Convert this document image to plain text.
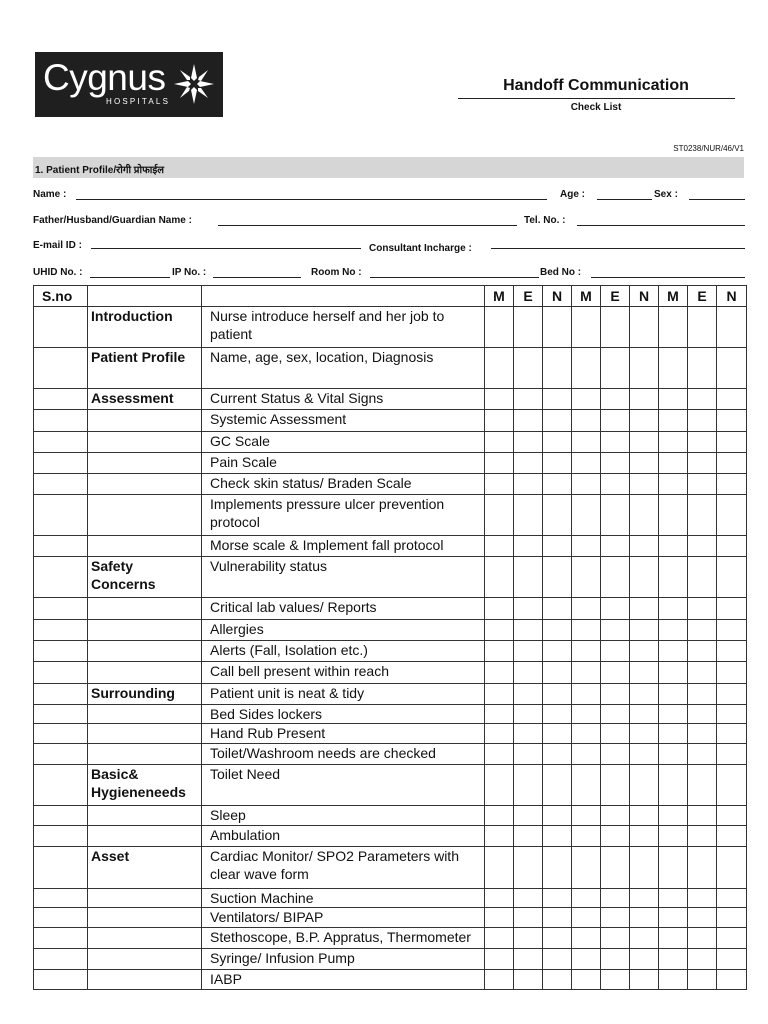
Cygnus
HOSPITALS
Handoff Communication
Check List
ST0238/NUR/46/V1
1. Patient Profile/रोगी प्रोफाईल
Name :	Age :	Sex :
Father/Husband/Guardian Name :	Tel. No. :
E-mail ID :	Consultant Incharge :
UHID No. :	IP No. :	Room No :	Bed No :
S.no			M	E	N	M	E	N	M	E	N
	Introduction	Nurse introduce herself and her job to patient									
	Patient Profile	Name, age, sex, location, Diagnosis									
	Assessment	Current Status & Vital Signs									
		Systemic Assessment									
		GC Scale									
		Pain Scale									
		Check skin status/ Braden Scale									
		Implements pressure ulcer prevention protocol									
		Morse scale & Implement fall protocol									
	Safety Concerns	Vulnerability status									
		Critical lab values/ Reports									
		Allergies									
		Alerts (Fall, Isolation etc.)									
		Call bell present within reach									
	Surrounding	Patient unit is neat & tidy									
		Bed Sides lockers									
		Hand Rub Present									
		Toilet/Washroom needs are checked									
	Basic& Hygieneneeds	Toilet Need									
		Sleep									
		Ambulation									
	Asset	Cardiac Monitor/ SPO2 Parameters with clear wave form									
		Suction Machine									
		Ventilators/ BIPAP									
		Stethoscope, B.P. Appratus, Thermometer									
		Syringe/ Infusion Pump									
		IABP									
